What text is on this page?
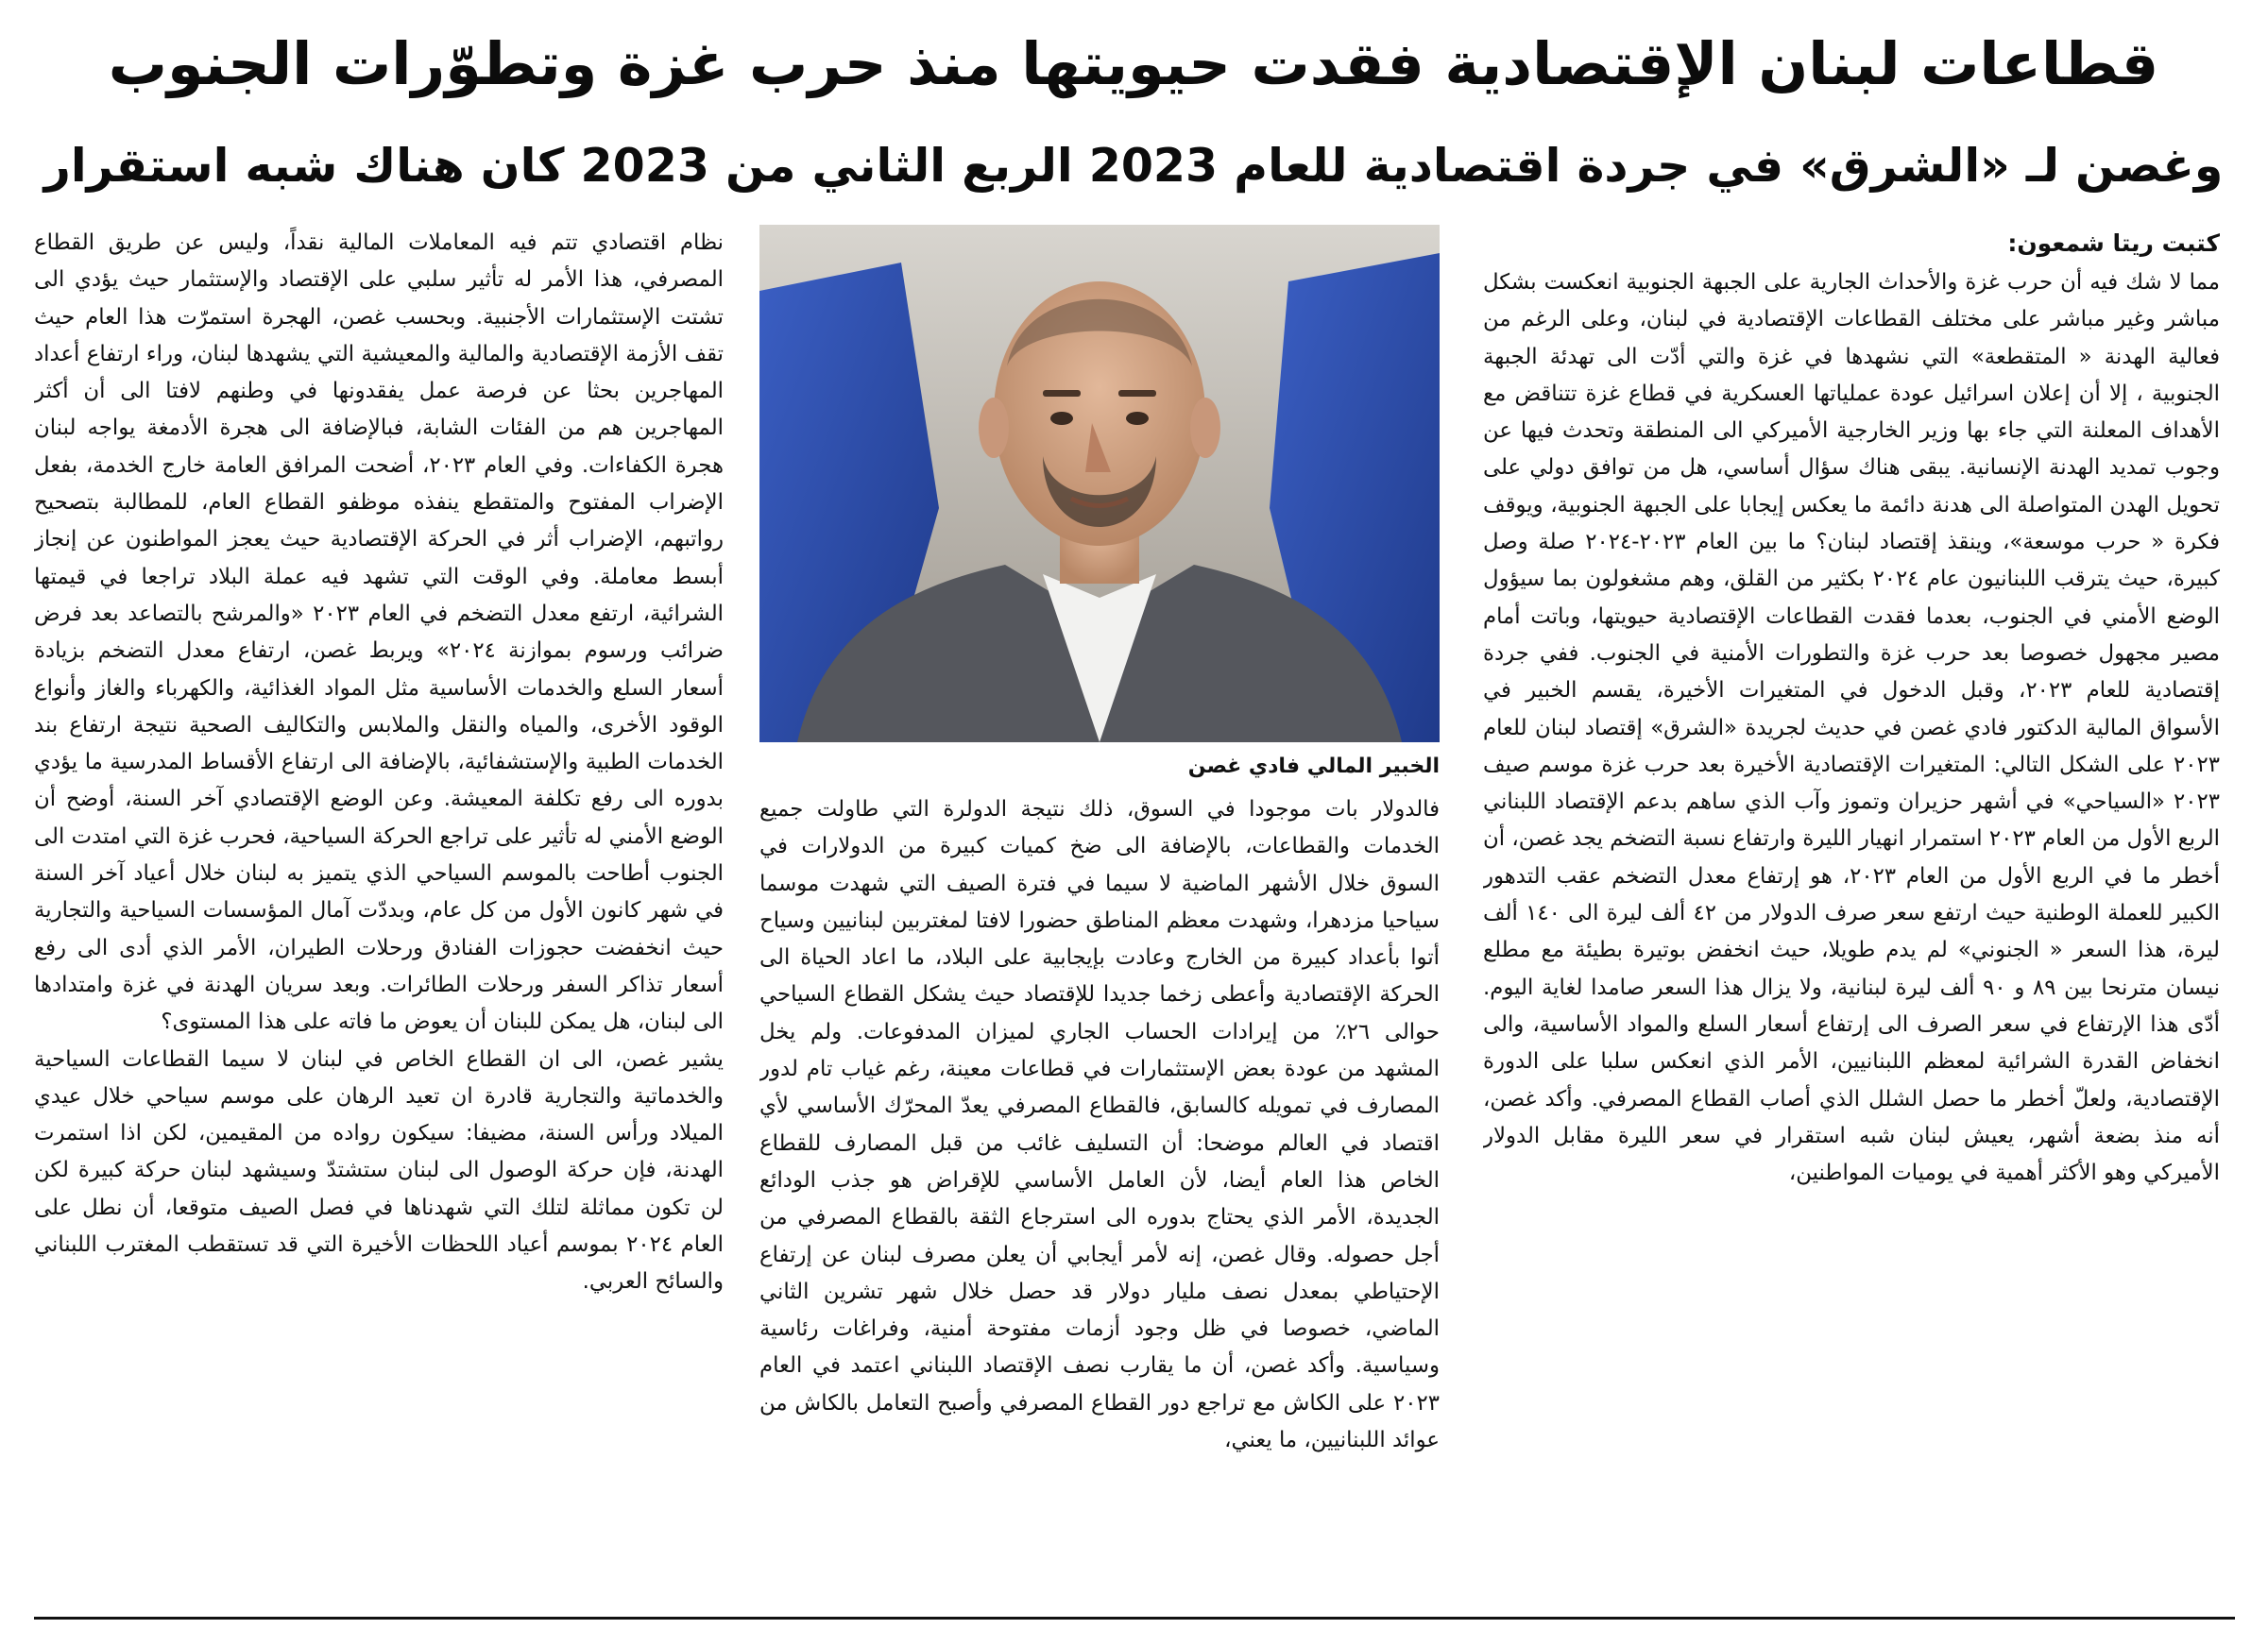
قطاعات لبنان الإقتصادية فقدت حيويتها منذ حرب غزة وتطوّرات الجنوب
وغصن لـ «الشرق» في جردة اقتصادية للعام 2023 الربع الثاني من 2023 كان هناك شبه استقرار
كتبت ريتا شمعون:

مما لا شك فيه أن حرب غزة والأحداث الجارية على الجبهة الجنوبية انعكست بشكل مباشر وغير مباشر على مختلف القطاعات الإقتصادية في لبنان، وعلى الرغم من فعالية الهدنة « المتقطعة» التي نشهدها في غزة والتي أدّت الى تهدئة الجبهة الجنوبية ، إلا أن إعلان اسرائيل عودة عملياتها العسكرية في قطاع غزة تتناقض مع الأهداف المعلنة التي جاء بها وزير الخارجية الأميركي الى المنطقة وتحدث فيها عن وجوب تمديد الهدنة الإنسانية. يبقى هناك سؤال أساسي، هل من توافق دولي على تحويل الهدن المتواصلة الى هدنة دائمة ما يعكس إيجابا على الجبهة الجنوبية، ويوقف فكرة « حرب موسعة»، وينقذ إقتصاد لبنان؟ ما بين العام ٢٠٢٣-٢٠٢٤ صلة وصل كبيرة، حيث يترقب اللبنانيون عام ٢٠٢٤ بكثير من القلق، وهم مشغولون بما سيؤول الوضع الأمني في الجنوب، بعدما فقدت القطاعات الإقتصادية حيويتها، وباتت أمام مصير مجهول خصوصا بعد حرب غزة والتطورات الأمنية في الجنوب. ففي جردة إقتصادية للعام ٢٠٢٣، وقبل الدخول في المتغيرات الأخيرة، يقسم الخبير في الأسواق المالية الدكتور فادي غصن في حديث لجريدة «الشرق» إقتصاد لبنان للعام ٢٠٢٣ على الشكل التالي: المتغيرات الإقتصادية الأخيرة بعد حرب غزة موسم صيف ٢٠٢٣ «السياحي» في أشهر حزيران وتموز وآب الذي ساهم بدعم الإقتصاد اللبناني الربع الأول من العام ٢٠٢٣ استمرار انهيار الليرة وارتفاع نسبة التضخم يجد غصن، أن أخطر ما في الربع الأول من العام ٢٠٢٣، هو إرتفاع معدل التضخم عقب التدهور الكبير للعملة الوطنية حيث ارتفع سعر صرف الدولار من ٤٢ ألف ليرة الى ١٤٠ ألف ليرة، هذا السعر « الجنوني» لم يدم طويلا، حيث انخفض بوتيرة بطيئة مع مطلع نيسان مترنحا بين ٨٩ و ٩٠ ألف ليرة لبنانية، ولا يزال هذا السعر صامدا لغاية اليوم. أدّى هذا الإرتفاع في سعر الصرف الى إرتفاع أسعار السلع والمواد الأساسية، والى انخفاض القدرة الشرائية لمعظم اللبنانيين، الأمر الذي انعكس سلبا على الدورة الإقتصادية، ولعلّ أخطر ما حصل الشلل الذي أصاب القطاع المصرفي. وأكد غصن، أنه منذ بضعة أشهر، يعيش لبنان شبه استقرار في سعر الليرة مقابل الدولار الأميركي وهو الأكثر أهمية في يوميات المواطنين،

الخبير المالي فادي غصن

فالدولار بات موجودا في السوق، ذلك نتيجة الدولرة التي طاولت جميع الخدمات والقطاعات، بالإضافة الى ضخ كميات كبيرة من الدولارات في السوق خلال الأشهر الماضية لا سيما في فترة الصيف التي شهدت موسما سياحيا مزدهرا، وشهدت معظم المناطق حضورا لافتا لمغتربين لبنانيين وسياح أتوا بأعداد كبيرة من الخارج وعادت بإيجابية على البلاد، ما اعاد الحياة الى الحركة الإقتصادية وأعطى زخما جديدا للإقتصاد حيث يشكل القطاع السياحي حوالى ٢٦٪ من إيرادات الحساب الجاري لميزان المدفوعات. ولم يخل المشهد من عودة بعض الإستثمارات في قطاعات معينة، رغم غياب تام لدور المصارف في تمويله كالسابق، فالقطاع المصرفي يعدّ المحرّك الأساسي لأي اقتصاد في العالم موضحا: أن التسليف غائب من قبل المصارف للقطاع الخاص هذا العام أيضا، لأن العامل الأساسي للإقراض هو جذب الودائع الجديدة، الأمر الذي يحتاج بدوره الى استرجاع الثقة بالقطاع المصرفي من أجل حصوله. وقال غصن، إنه لأمر أيجابي أن يعلن مصرف لبنان عن إرتفاع الإحتياطي بمعدل نصف مليار دولار قد حصل خلال شهر تشرين الثاني الماضي، خصوصا في ظل وجود أزمات مفتوحة أمنية، وفراغات رئاسية وسياسية. وأكد غصن، أن ما يقارب نصف الإقتصاد اللبناني اعتمد في العام ٢٠٢٣ على الكاش مع تراجع دور القطاع المصرفي وأصبح التعامل بالكاش من عوائد اللبنانيين، ما يعني،

نظام اقتصادي تتم فيه المعاملات المالية نقداً، وليس عن طريق القطاع المصرفي، هذا الأمر له تأثير سلبي على الإقتصاد والإستثمار حيث يؤدي الى تشتت الإستثمارات الأجنبية. وبحسب غصن، الهجرة استمرّت هذا العام حيث تقف الأزمة الإقتصادية والمالية والمعيشية التي يشهدها لبنان، وراء ارتفاع أعداد المهاجرين بحثا عن فرصة عمل يفقدونها في وطنهم لافتا الى أن أكثر المهاجرين هم من الفئات الشابة، فبالإضافة الى هجرة الأدمغة يواجه لبنان هجرة الكفاءات. وفي العام ٢٠٢٣، أضحت المرافق العامة خارج الخدمة، بفعل الإضراب المفتوح والمتقطع ينفذه موظفو القطاع العام، للمطالبة بتصحيح رواتبهم، الإضراب أثر في الحركة الإقتصادية حيث يعجز المواطنون عن إنجاز أبسط معاملة. وفي الوقت التي تشهد فيه عملة البلاد تراجعا في قيمتها الشرائية، ارتفع معدل التضخم في العام ٢٠٢٣ «والمرشح بالتصاعد بعد فرض ضرائب ورسوم بموازنة ٢٠٢٤» ويربط غصن، ارتفاع معدل التضخم بزيادة أسعار السلع والخدمات الأساسية مثل المواد الغذائية، والكهرباء والغاز وأنواع الوقود الأخرى، والمياه والنقل والملابس والتكاليف الصحية نتيجة ارتفاع بند الخدمات الطبية والإستشفائية، بالإضافة الى ارتفاع الأقساط المدرسية ما يؤدي بدوره الى رفع تكلفة المعيشة. وعن الوضع الإقتصادي آخر السنة، أوضح أن الوضع الأمني له تأثير على تراجع الحركة السياحية، فحرب غزة التي امتدت الى الجنوب أطاحت بالموسم السياحي الذي يتميز به لبنان خلال أعياد آخر السنة في شهر كانون الأول من كل عام، وبددّت آمال المؤسسات السياحية والتجارية حيث انخفضت حجوزات الفنادق ورحلات الطيران، الأمر الذي أدى الى رفع أسعار تذاكر السفر ورحلات الطائرات. وبعد سريان الهدنة في غزة وامتدادها الى لبنان، هل يمكن للبنان أن يعوض ما فاته على هذا المستوى؟

يشير غصن، الى ان القطاع الخاص في لبنان لا سيما القطاعات السياحية والخدماتية والتجارية قادرة ان تعيد الرهان على موسم سياحي خلال عيدي الميلاد ورأس السنة، مضيفا: سيكون رواده من المقيمين، لكن اذا استمرت الهدنة، فإن حركة الوصول الى لبنان ستشتدّ وسيشهد لبنان حركة كبيرة لكن لن تكون مماثلة لتلك التي شهدناها في فصل الصيف متوقعا، أن نطل على العام ٢٠٢٤ بموسم أعياد اللحظات الأخيرة التي قد تستقطب المغترب اللبناني والسائح العربي.
